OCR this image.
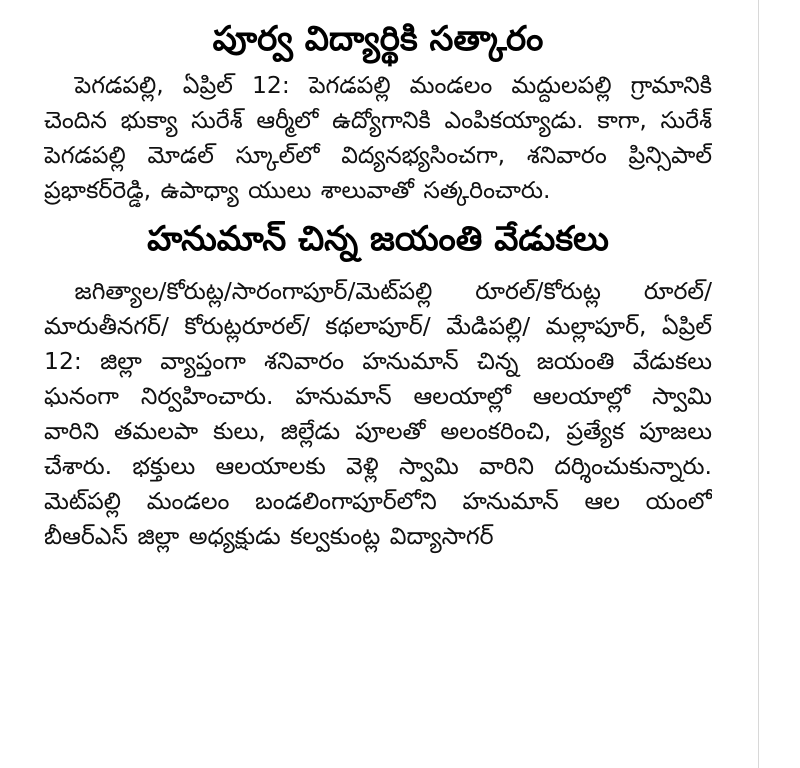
పూర్వ విద్యార్థికి సత్కారం

పెగడపల్లి, ఏప్రిల్ 12: పెగడపల్లి మండలం మద్దులపల్లి గ్రామానికి చెందిన భుక్యా సురేశ్ ఆర్మీలో ఉద్యోగానికి ఎంపికయ్యాడు. కాగా, సురేశ్ పెగడపల్లి మోడల్ స్కూల్‌లో విద్యనభ్యసించగా, శనివారం ప్రిన్సిపాల్ ప్రభాకర్‌రెడ్డి, ఉపాధ్యా యులు శాలువాతో సత్కరించారు.

హనుమాన్ చిన్న జయంతి వేడుకలు

జగిత్యాల/కోరుట్ల/సారంగాపూర్/మెట్‌పల్లి రూరల్/కోరుట్ల రూరల్/మారుతీనగర్/ కోరుట్లరూరల్/ కథలాపూర్/ మేడిపల్లి/ మల్లాపూర్, ఏప్రిల్ 12: జిల్లా వ్యాప్తంగా శనివారం హనుమాన్ చిన్న జయంతి వేడుకలు ఘనంగా నిర్వహించారు. హనుమాన్ ఆలయాల్లో ఆలయాల్లో స్వామి వారిని తమలపా కులు, జిల్లేడు పూలతో అలంకరించి, ప్రత్యేక పూజలు చేశారు. భక్తులు ఆలయాలకు వెళ్లి స్వామి వారిని దర్శించుకున్నారు. మెట్‌పల్లి మండలం బండలింగాపూర్‌లోని హనుమాన్ ఆల యంలో బీఆర్ఎస్ జిల్లా అధ్యక్షుడు కల్వకుంట్ల విద్యాసాగర్
